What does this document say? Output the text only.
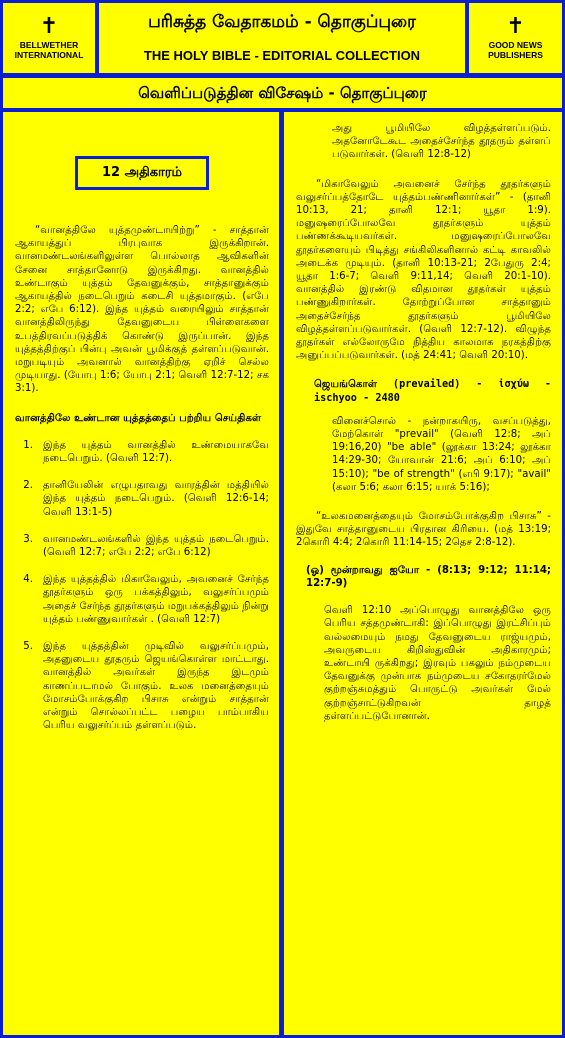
✝
BELLWETHER INTERNATIONAL
பரிசுத்த வேதாகமம் - தொகுப்புரை
THE HOLY BIBLE - EDITORIAL COLLECTION
✝
GOOD NEWS PUBLISHERS
வெளிப்படுத்தின விசேஷம் - தொகுப்புரை
12 அதிகாரம்

“வானத்திலே யுத்தமுண்டாயிற்று” - சாத்தான் ஆகாயத்துப் பிரபுவாக இருக்கிறான். வானமண்டலங்களிலுள்ள பொல்லாத ஆவிகளின் சேனை சாத்தானோடு இருக்கிறது. வானத்தில் உண்டாகும் யுத்தம் தேவனுக்கும், சாத்தானுக்கும் ஆகாயத்தில் நடைபெறும் கடைசி யுத்தமாகும். (எபே 2:2; எபே 6:12). இந்த யுத்தம் வரையிலும் சாத்தான் வானத்திலிருந்து தேவனுடைய பிள்ளைகளை உபத்திரவப்படுத்திக் கொண்டு இருப்பான். இந்த யுத்தத்திற்குப் பின்பு அவன் பூமிக்குத் தள்ளப்படுவான். மறுபடியும் அவனால் வானத்திற்கு ஏறிச் செல்ல முடியாது. (யோபு 1:6; யோபு 2:1; வெளி 12:7-12; சக 3:1).

வானத்திலே உண்டான யுத்தத்தைப் பற்றிய செய்திகள்

1. இந்த யுத்தம் வானத்தில் உண்மையாகவே நடைபெறும். (வெளி 12:7).
2. தானியேலின் எழுபதாவது வாரத்தின் மத்தியில் இந்த யுத்தம் நடைபெறும். (வெளி 12:6-14; வெளி 13:1-5)
3. வானமண்டலங்களில் இந்த யுத்தம் நடைபெறும். (வெளி 12:7; எபே 2:2; எபே 6:12)
4. இந்த யுத்தத்தில் மிகாவேலும், அவனைச் சேர்ந்த தூதர்களும் ஒரு பக்கத்திலும், வலுசர்ப்பமும் அதைச் சேர்ந்த தூதர்களும் மறுபக்கத்திலும் நின்று யுத்தம் பண்ணுவார்கள் . (வெளி 12:7)
5. இந்த யுத்தத்தின் முடிவில் வலுசர்ப்பமும், அதனுடைய தூதரும் ஜெயங்கொள்ள மாட்டாது. வானத்தில் அவர்கள் இருந்த இடமும் காணப்படாமல் போகும். உலக மனைத்தையும் மோசம்போக்குகிற பிசாசு என்றும் சாத்தான் என்றும் சொல்லப்பட்ட பழைய பாம்பாகிய பெரிய வலுசர்ப்பம் தள்ளப்படும்.

அது பூமியிலே விழத்தள்ளப்படும். அதனோடேகூட அதைச்சேர்ந்த தூதரும் தள்ளப் படுவார்கள். (வெளி 12:8-12)

“மிகாவேலும் அவனைச் சேர்ந்த தூதர்களும் வலுசர்ப்பத்தோடே யுத்தம்பண்ணினார்கள்” - (தானி 10:13, 21; தானி 12:1; யூதா 1:9). மனுஷரைப்போலவே தூதர்களும் யுத்தம் பண்ணக்கூடியவர்கள். மனுஷரைப்போலவே தூதர்களையும் பிடித்து சங்கிலிகளினால் கட்டி காவலில் அடைக்க முடியும். (தானி 10:13-21; 2பேதுரு 2:4; யூதா 1:6-7; வெளி 9:11,14; வெளி 20:1-10). வானத்தில் இரண்டு விதமான தூதர்கள் யுத்தம் பண்ணுகிறார்கள். தோற்றுப்போன சாத்தானும் அதைச்சேர்ந்த தூதர்களும் பூமியிலே விழத்தள்ளப்படுவார்கள். (வெளி 12:7-12). விழுந்த தூதர்கள் எல்லோருமே நித்திய காலமாக நரகத்திற்கு அனுப்பப்படுவார்கள். (மத் 24:41; வெளி 20:10).

ஜெயங்கொள் (prevailed) - ἰσχύω - ischyoo - 2480

வினைச்சொல் - நன்றாகயிரு, வசப்படுத்து, மேற்கொள் "prevail" (வெளி 12:8; அப் 19:16,20) "be able" (லூக்கா 13:24; லூக்கா 14:29-30; யோவான் 21:6; அப் 6:10; அப் 15:10); "be of strength" (எபி 9:17); "avail" (கலா 5:6; கலா 6:15; யாக் 5:16);

“உலகமனைத்தையும் மோசம்போக்குகிற பிசாசு” - இதுவே சாத்தானுடைய பிரதான கிரியை. (மத் 13:19; 2கொரி 4:4; 2கொரி 11:14-15; 2தெச 2:8-12).

(ஓ) மூன்றாவது ஐயோ - (8:13; 9:12; 11:14; 12:7-9)

வெளி 12:10 அப்பொழுது வானத்திலே ஒரு பெரிய சத்தமுண்டாகி: இப்பொழுது இரட்சிப்பும் வல்லமையும் நமது தேவனுடைய ராஜ்யமும், அவருடைய கிறிஸ்துவின் அதிகாரமும்; உண்டாயி ருக்கிறது; இரவும் பகலும் நம்முடைய தேவனுக்கு முன்பாக நம்முடைய சகோதரர்மேல் குற்றஞ்சுமத்தும் பொருட்டு அவர்கள் மேல் குற்றஞ்சாட்டுகிறவன் தாழத் தள்ளப்பட்டுபோனான்.
